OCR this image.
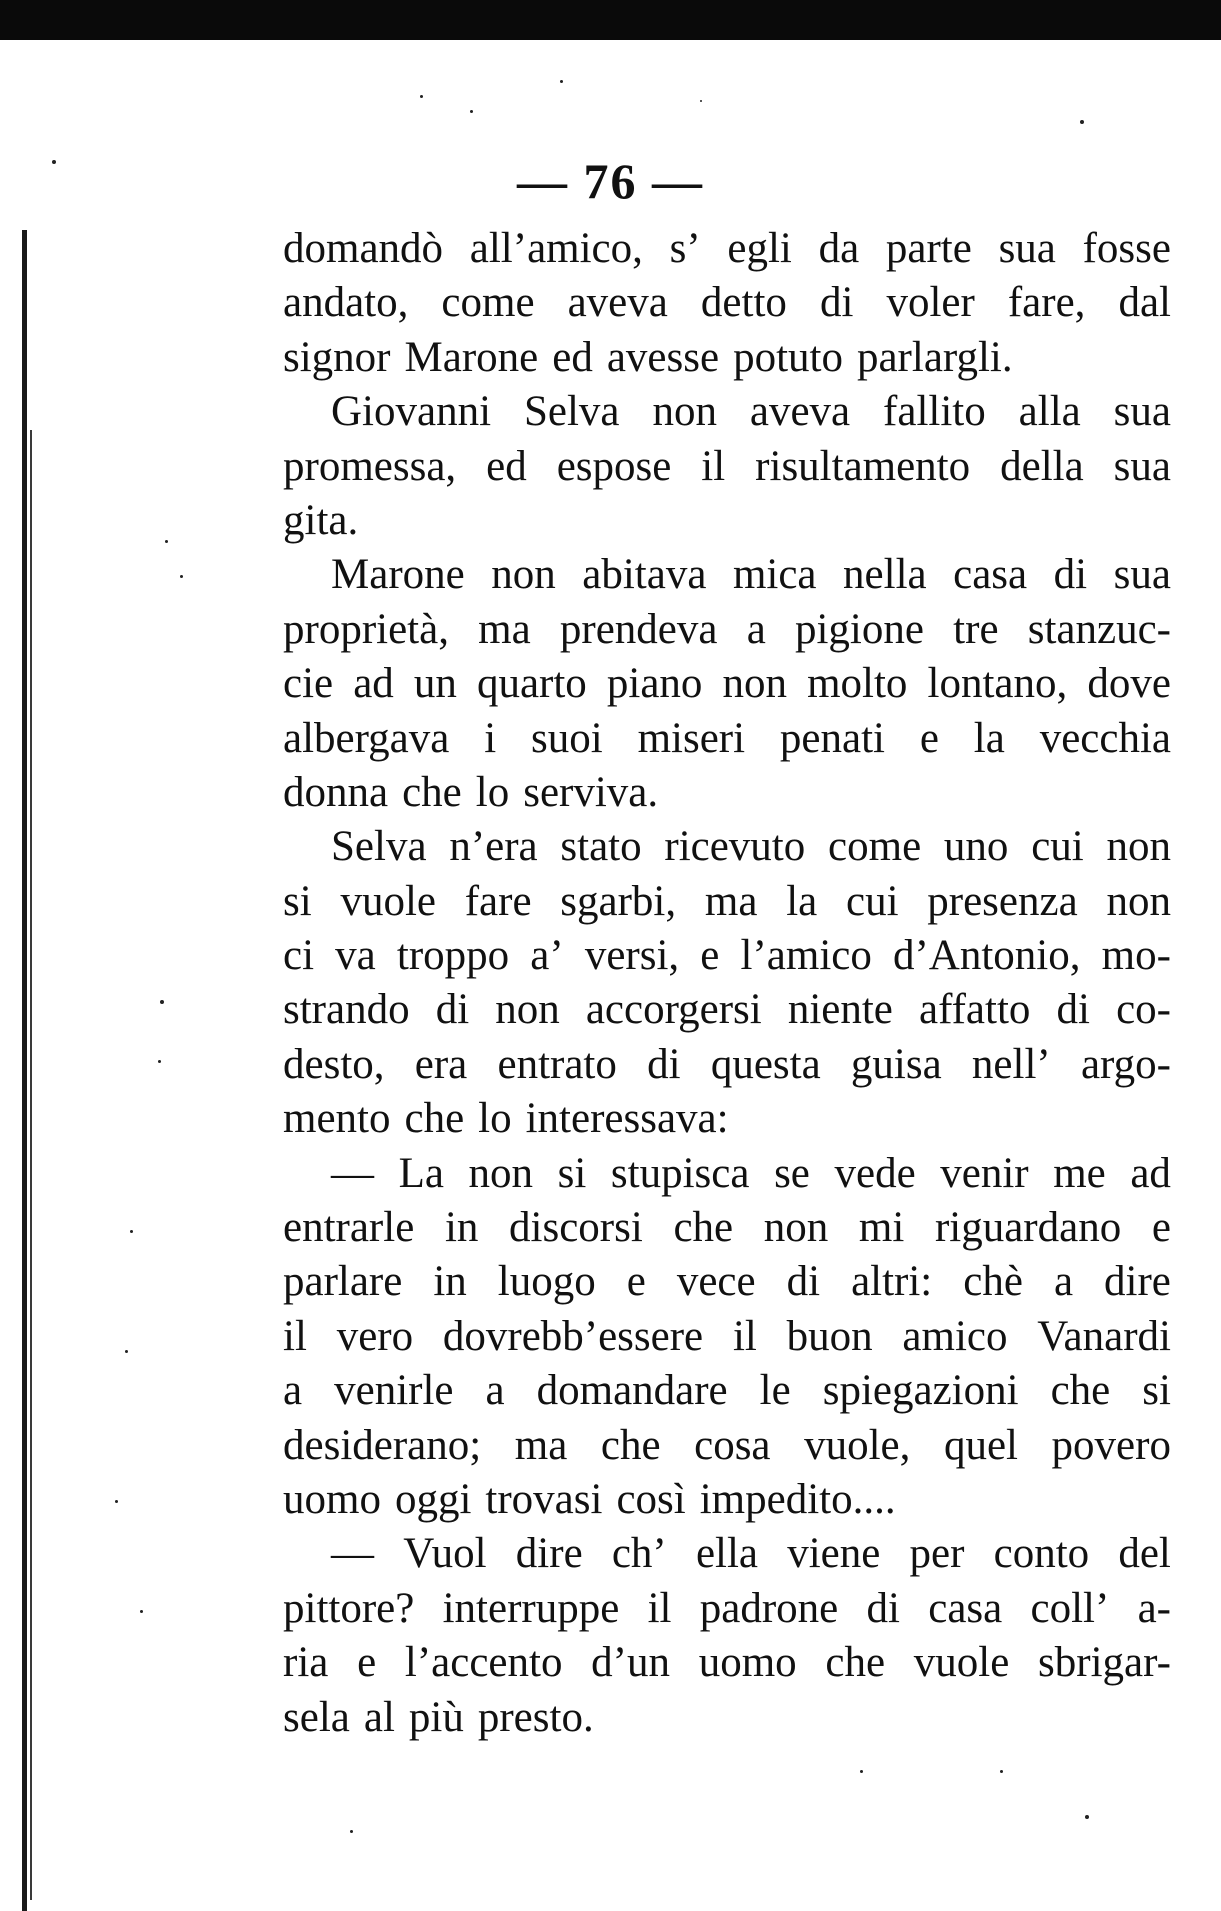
— 76 —
domandò all’amico, s’ egli da parte sua fosse
andato, come aveva detto di voler fare, dal
signor Marone ed avesse potuto parlargli.
Giovanni Selva non aveva fallito alla sua
promessa, ed espose il risultamento della sua
gita.
Marone non abitava mica nella casa di sua
proprietà, ma prendeva a pigione tre stanzuc-
cie ad un quarto piano non molto lontano, dove
albergava i suoi miseri penati e la vecchia
donna che lo serviva.
Selva n’era stato ricevuto come uno cui non
si vuole fare sgarbi, ma la cui presenza non
ci va troppo a’ versi, e l’amico d’Antonio, mo-
strando di non accorgersi niente affatto di co-
desto, era entrato di questa guisa nell’ argo-
mento che lo interessava:
— La non si stupisca se vede venir me ad
entrarle in discorsi che non mi riguardano e
parlare in luogo e vece di altri: chè a dire
il vero dovrebb’essere il buon amico Vanardi
a venirle a domandare le spiegazioni che si
desiderano; ma che cosa vuole, quel povero
uomo oggi trovasi così impedito....
— Vuol dire ch’ ella viene per conto del
pittore? interruppe il padrone di casa coll’ a-
ria e l’accento d’un uomo che vuole sbrigar-
sela al più presto.
